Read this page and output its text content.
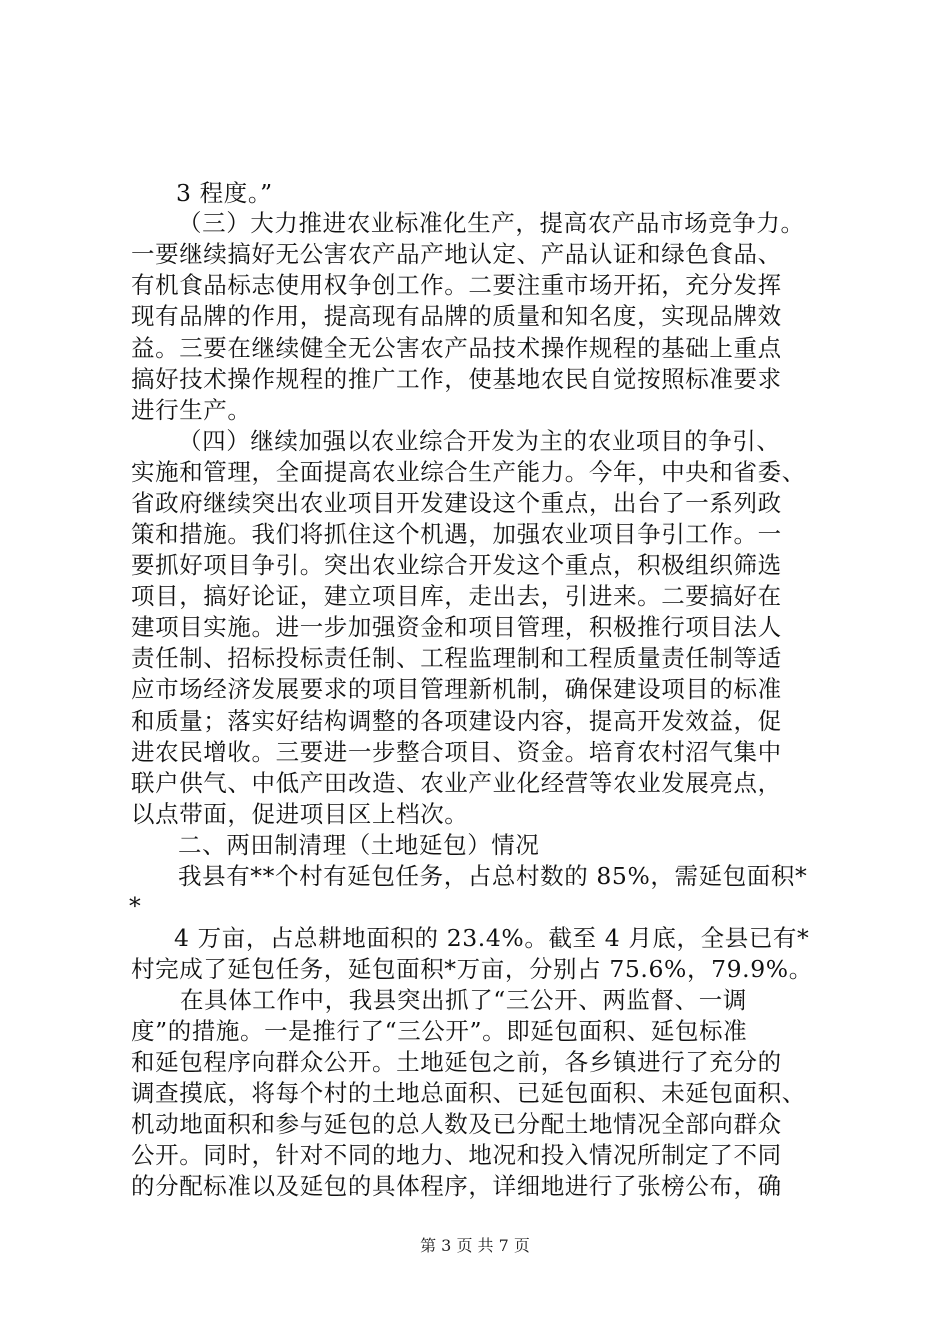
3 程度。”
（三）大力推进农业标准化生产，提高农产品市场竞争力。
一要继续搞好无公害农产品产地认定、产品认证和绿色食品、
有机食品标志使用权争创工作。二要注重市场开拓，充分发挥
现有品牌的作用，提高现有品牌的质量和知名度，实现品牌效
益。三要在继续健全无公害农产品技术操作规程的基础上重点
搞好技术操作规程的推广工作，使基地农民自觉按照标准要求
进行生产。
（四）继续加强以农业综合开发为主的农业项目的争引、
实施和管理，全面提高农业综合生产能力。今年，中央和省委、
省政府继续突出农业项目开发建设这个重点，出台了一系列政
策和措施。我们将抓住这个机遇，加强农业项目争引工作。一
要抓好项目争引。突出农业综合开发这个重点，积极组织筛选
项目，搞好论证，建立项目库，走出去，引进来。二要搞好在
建项目实施。进一步加强资金和项目管理，积极推行项目法人
责任制、招标投标责任制、工程监理制和工程质量责任制等适
应市场经济发展要求的项目管理新机制，确保建设项目的标准
和质量；落实好结构调整的各项建设内容，提高开发效益，促
进农民增收。三要进一步整合项目、资金。培育农村沼气集中
联户供气、中低产田改造、农业产业化经营等农业发展亮点，
以点带面，促进项目区上档次。
二、两田制清理（土地延包）情况
我县有**个村有延包任务，占总村数的 85%，需延包面积*
*
4 万亩，占总耕地面积的 23.4%。截至 4 月底，全县已有*
村完成了延包任务，延包面积*万亩，分别占 75.6%，79.9%。
在具体工作中，我县突出抓了“三公开、两监督、一调
度”的措施。一是推行了“三公开”。即延包面积、延包标准
和延包程序向群众公开。土地延包之前，各乡镇进行了充分的
调查摸底，将每个村的土地总面积、已延包面积、未延包面积、
机动地面积和参与延包的总人数及已分配土地情况全部向群众
公开。同时，针对不同的地力、地况和投入情况所制定了不同
的分配标准以及延包的具体程序，详细地进行了张榜公布，确
第 3 页 共 7 页
